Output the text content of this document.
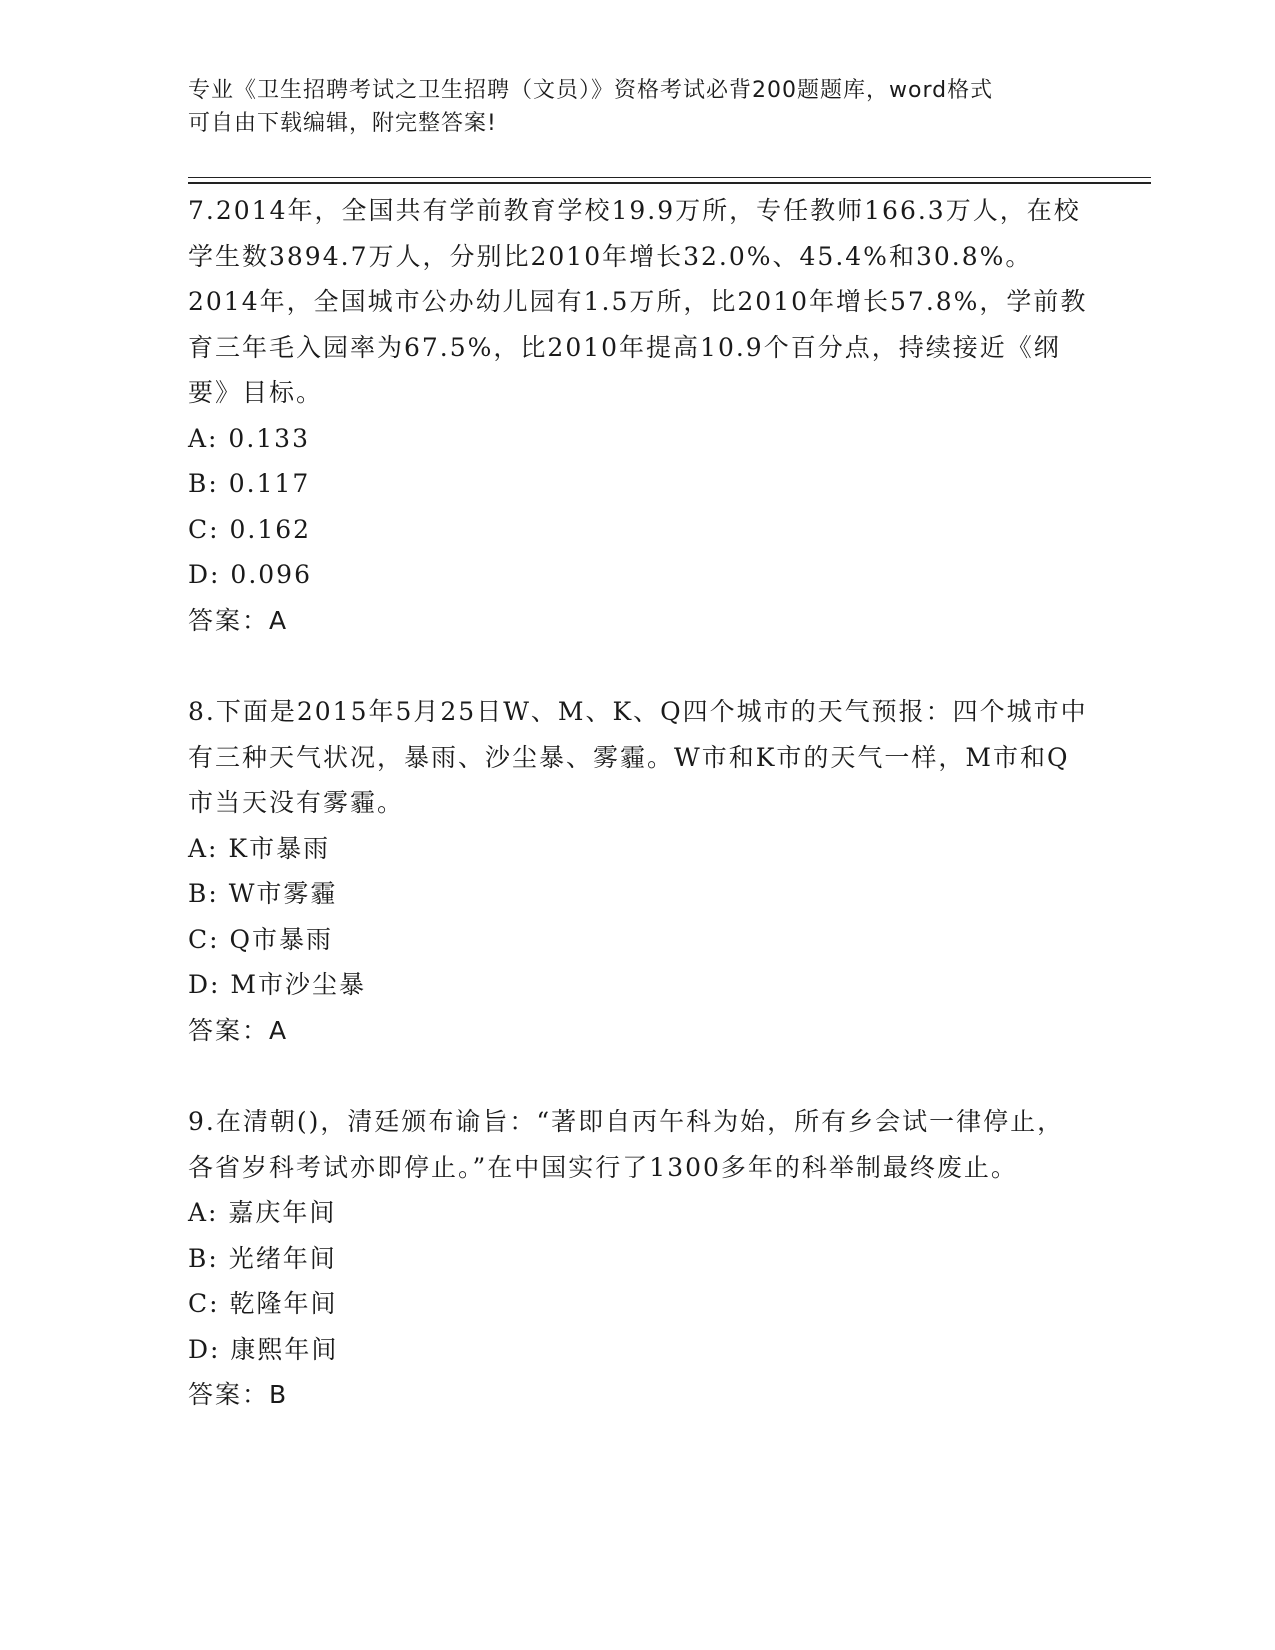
专业《卫生招聘考试之卫生招聘（文员）》资格考试必背200题题库，word格式
可自由下载编辑，附完整答案!

7.2014年，全国共有学前教育学校19.9万所，专任教师166.3万人，在校学生数3894.7万人，分别比2010年增长32.0%、45.4%和30.8%。2014年，全国城市公办幼儿园有1.5万所，比2010年增长57.8%，学前教育三年毛入园率为67.5%，比2010年提高10.9个百分点，持续接近《纲要》目标。

A: 0.133

B: 0.117

C: 0.162

D: 0.096

答案：A

8.下面是2015年5月25日W、M、K、Q四个城市的天气预报：四个城市中有三种天气状况，暴雨、沙尘暴、雾霾。W市和K市的天气一样，M市和Q市当天没有雾霾。

A: K市暴雨

B: W市雾霾

C: Q市暴雨

D: M市沙尘暴

答案：A

9.在清朝()，清廷颁布谕旨：“著即自丙午科为始，所有乡会试一律停止，各省岁科考试亦即停止。”在中国实行了1300多年的科举制最终废止。

A: 嘉庆年间

B: 光绪年间

C: 乾隆年间

D: 康熙年间

答案：B
